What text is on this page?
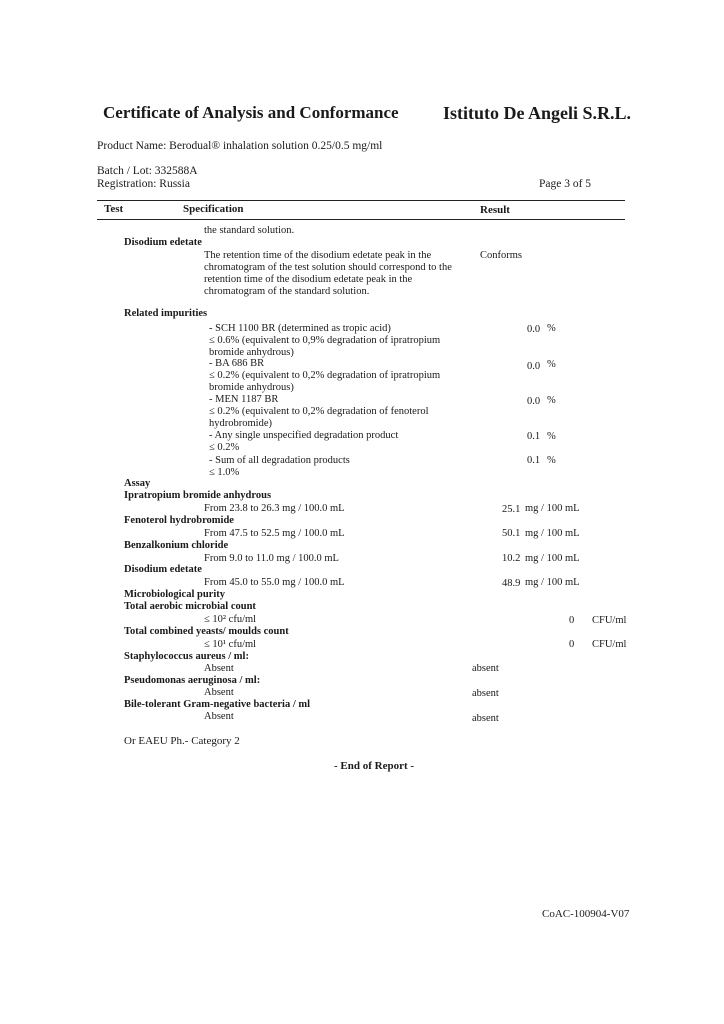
Certificate of Analysis and Conformance Istituto De Angeli S.R.L.
Product Name: Berodual® inhalation solution 0.25/0.5 mg/ml
Batch / Lot: 332588A
Registration: Russia	Page 3 of 5
Test	Specification	Result
the standard solution.
Disodium edetate
The retention time of the disodium edetate peak in the
chromatogram of the test solution should correspond to the
retention time of the disodium edetate peak in the
chromatogram of the standard solution.
Conforms
Related impurities
- SCH 1100 BR (determined as tropic acid)
≤ 0.6% (equivalent to 0,9% degradation of ipratropium
bromide anhydrous)
0.0 %
- BA 686 BR
≤ 0.2% (equivalent to 0,2% degradation of ipratropium
bromide anhydrous)
0.0 %
- MEN 1187 BR
≤ 0.2% (equivalent to 0,2% degradation of fenoterol
hydrobromide)
0.0 %
- Any single unspecified degradation product
≤ 0.2%
0.1 %
- Sum of all degradation products
≤ 1.0%
0.1 %
Assay
Ipratropium bromide anhydrous
From 23.8 to 26.3 mg / 100.0 mL	25.1 mg / 100 mL
Fenoterol hydrobromide
From 47.5 to 52.5 mg / 100.0 mL	50.1 mg / 100 mL
Benzalkonium chloride
From 9.0 to 11.0 mg / 100.0 mL	10.2 mg / 100 mL
Disodium edetate
From 45.0 to 55.0 mg / 100.0 mL	48.9 mg / 100 mL
Microbiological purity
Total aerobic microbial count
≤ 10² cfu/ml	0 CFU/ml
Total combined yeasts/ moulds count
≤ 10¹ cfu/ml	0 CFU/ml
Staphylococcus aureus / ml:
Absent	absent
Pseudomonas aeruginosa / ml:
Absent	absent
Bile-tolerant Gram-negative bacteria / ml
Absent	absent
Or EAEU Ph.- Category 2
- End of Report -
CoAC-100904-V07
